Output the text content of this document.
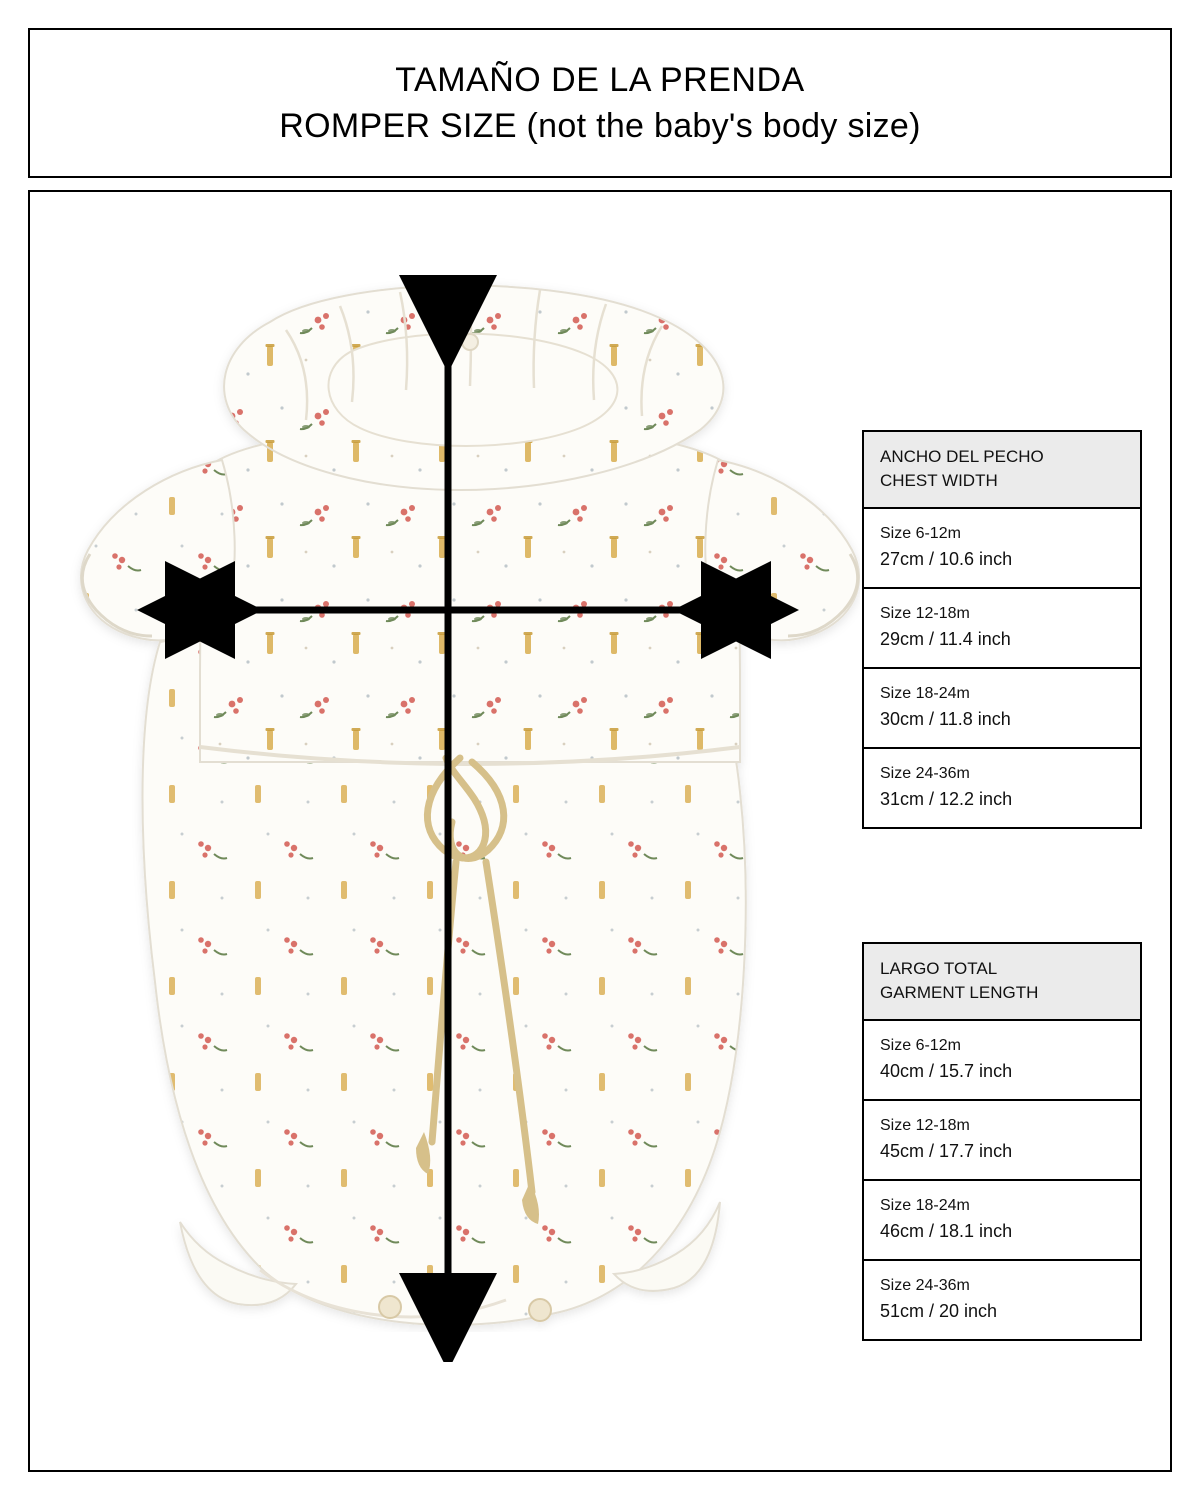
TAMAÑO DE LA PRENDA
ROMPER SIZE (not the baby's body size)
ANCHO DEL PECHO
CHEST WIDTH
Size 6-12m
27cm / 10.6 inch
Size 12-18m
29cm / 11.4 inch
Size 18-24m
30cm / 11.8 inch
Size 24-36m
31cm / 12.2 inch
LARGO TOTAL
GARMENT LENGTH
Size 6-12m
40cm / 15.7 inch
Size 12-18m
45cm / 17.7 inch
Size 18-24m
46cm / 18.1 inch
Size 24-36m
51cm / 20 inch
